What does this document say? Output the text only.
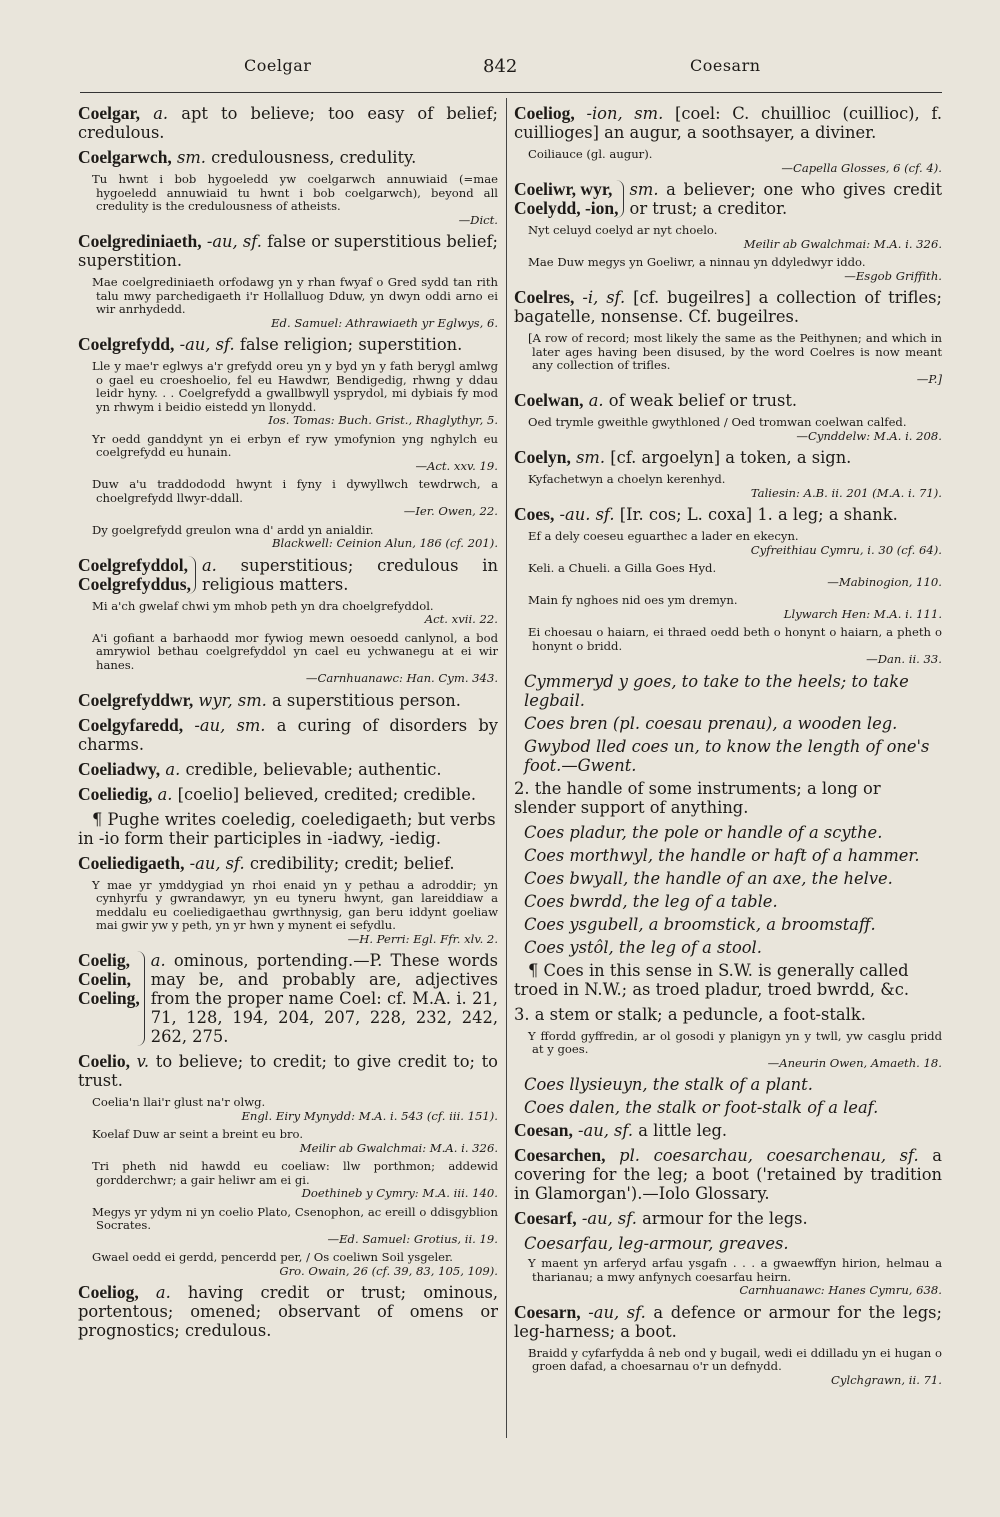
Coelgar	842	Coesarn
Coelgar, a. apt to believe; too easy of belief; credulous.
Coelgarwch, sm. credulousness, credulity.
Tu hwnt i bob hygoeledd yw coelgarwch annuwiaid (=mae hygoeledd annuwiaid tu hwnt i bob coelgarwch), beyond all credulity is the credulousness of atheists.
—Dict.
Coelgrediniaeth, -au, sf. false or superstitious belief; superstition.
Mae coelgrediniaeth orfodawg yn y rhan fwyaf o Gred sydd tan rith talu mwy parchedigaeth i'r Hollalluog Dduw, yn dwyn oddi arno ei wir anrhydedd.
Ed. Samuel: Athrawiaeth yr Eglwys, 6.
Coelgrefydd, -au, sf. false religion; superstition.
Lle y mae'r eglwys a'r grefydd oreu yn y byd yn y fath berygl amlwg o gael eu croeshoelio, fel eu Hawdwr, Bendigedig, rhwng y ddau leidr hyny. . . Coelgrefydd a gwallbwyll ysprydol, mi dybiais fy mod yn rhwym i beidio eistedd yn llonydd.
Ios. Tomas: Buch. Grist., Rhaglythyr, 5.
Yr oedd ganddynt yn ei erbyn ef ryw ymofynion yng nghylch eu coelgrefydd eu hunain.
—Act. xxv. 19.
Duw a'u traddododd hwynt i fyny i dywyllwch tewdrwch, a choelgrefydd llwyr-ddall.
—Ier. Owen, 22.
Dy goelgrefydd greulon wna d' ardd yn anialdir.
Blackwell: Ceinion Alun, 186 (cf. 201).
Coelgrefyddol,
Coelgrefyddus,
a. superstitious; credulous in religious matters.
Mi a'ch gwelaf chwi ym mhob peth yn dra choelgrefyddol.
Act. xvii. 22.
A'i gofiant a barhaodd mor fywiog mewn oesoedd canlynol, a bod amrywiol bethau coelgrefyddol yn cael eu ychwanegu at ei wir hanes.
—Carnhuanawc: Han. Cym. 343.
Coelgrefyddwr, wyr, sm. a superstitious person.
Coelgyfaredd, -au, sm. a curing of disorders by charms.
Coeliadwy, a. credible, believable; authentic.
Coeliedig, a. [coelio] believed, credited; credible.
¶ Pughe writes coeledig, coeledigaeth; but verbs in -io form their participles in -iadwy, -iedig.
Coeliedigaeth, -au, sf. credibility; credit; belief.
Y mae yr ymddygiad yn rhoi enaid yn y pethau a adroddir; yn cynhyrfu y gwrandawyr, yn eu tyneru hwynt, gan lareiddiaw a meddalu eu coeliedigaethau gwrthnysig, gan beru iddynt goeliaw mai gwir yw y peth, yn yr hwn y mynent ei sefydlu.
—H. Perri: Egl. Ffr. xlv. 2.
Coelig,
Coelin,
Coeling,
a. ominous, portending.—P. These words may be, and probably are, adjectives from the proper name Coel: cf. M.A. i. 21, 71, 128, 194, 204, 207, 228, 232, 242, 262, 275.
Coelio, v. to believe; to credit; to give credit to; to trust.
Coelia'n llai'r glust na'r olwg.
Engl. Eiry Mynydd: M.A. i. 543 (cf. iii. 151).
Koelaf Duw ar seint a breint eu bro.
Meilir ab Gwalchmai: M.A. i. 326.
Tri pheth nid hawdd eu coeliaw: llw porthmon; addewid gordderchwr; a gair heliwr am ei gi.
Doethineb y Cymry: M.A. iii. 140.
Megys yr ydym ni yn coelio Plato, Csenophon, ac ereill o ddisgyblion Socrates.
—Ed. Samuel: Grotius, ii. 19.
Gwael oedd ei gerdd, pencerdd per, / Os coeliwn Soil ysgeler.
Gro. Owain, 26 (cf. 39, 83, 105, 109).
Coeliog, a. having credit or trust; ominous, portentous; omened; observant of omens or prognostics; credulous.
Coeliog, -ion, sm. [coel: C. chuillioc (cuillioc), f. cuillioges] an augur, a soothsayer, a diviner.
Coiliauce (gl. augur).
—Capella Glosses, 6 (cf. 4).
Coeliwr, wyr,
Coelydd, -ion,
sm. a believer; one who gives credit or trust; a creditor.
Nyt celuyd coelyd ar nyt choelo.
Meilir ab Gwalchmai: M.A. i. 326.
Mae Duw megys yn Goeliwr, a ninnau yn ddyledwyr iddo.
—Esgob Griffith.
Coelres, -i, sf. [cf. bugeilres] a collection of trifles; bagatelle, nonsense. Cf. bugeilres.
[A row of record; most likely the same as the Peithynen; and which in later ages having been disused, by the word Coelres is now meant any collection of trifles.
—P.]
Coelwan, a. of weak belief or trust.
Oed trymle gweithle gwythloned / Oed tromwan coelwan calfed.
—Cynddelw: M.A. i. 208.
Coelyn, sm. [cf. argoelyn] a token, a sign.
Kyfachetwyn a choelyn kerenhyd.
Taliesin: A.B. ii. 201 (M.A. i. 71).
Coes, -au. sf. [Ir. cos; L. coxa] 1. a leg; a shank.
Ef a dely coeseu eguarthec a lader en ekecyn.
Cyfreithiau Cymru, i. 30 (cf. 64).
Keli. a Chueli. a Gilla Goes Hyd.
—Mabinogion, 110.
Main fy nghoes nid oes ym dremyn.
Llywarch Hen: M.A. i. 111.
Ei choesau o haiarn, ei thraed oedd beth o honynt o haiarn, a pheth o honynt o bridd.
—Dan. ii. 33.
Cymmeryd y goes, to take to the heels; to take legbail.
Coes bren (pl. coesau prenau), a wooden leg.
Gwybod lled coes un, to know the length of one's foot.—Gwent.
2. the handle of some instruments; a long or slender support of anything.
Coes pladur, the pole or handle of a scythe.
Coes morthwyl, the handle or haft of a hammer.
Coes bwyall, the handle of an axe, the helve.
Coes bwrdd, the leg of a table.
Coes ysgubell, a broomstick, a broomstaff.
Coes ystôl, the leg of a stool.
¶ Coes in this sense in S.W. is generally called troed in N.W.; as troed pladur, troed bwrdd, &c.
3. a stem or stalk; a peduncle, a foot-stalk.
Y ffordd gyffredin, ar ol gosodi y planigyn yn y twll, yw casglu pridd at y goes.
—Aneurin Owen, Amaeth. 18.
Coes llysieuyn, the stalk of a plant.
Coes dalen, the stalk or foot-stalk of a leaf.
Coesan, -au, sf. a little leg.
Coesarchen, pl. coesarchau, coesarchenau, sf. a covering for the leg; a boot ('retained by tradition in Glamorgan').—Iolo Glossary.
Coesarf, -au, sf. armour for the legs.
Coesarfau, leg-armour, greaves.
Y maent yn arferyd arfau ysgafn . . . a gwaewffyn hirion, helmau a tharianau; a mwy anfynych coesarfau heirn.
Carnhuanawc: Hanes Cymru, 638.
Coesarn, -au, sf. a defence or armour for the legs; leg-harness; a boot.
Braidd y cyfarfydda â neb ond y bugail, wedi ei ddilladu yn ei hugan o groen dafad, a choesarnau o'r un defnydd.
Cylchgrawn, ii. 71.
